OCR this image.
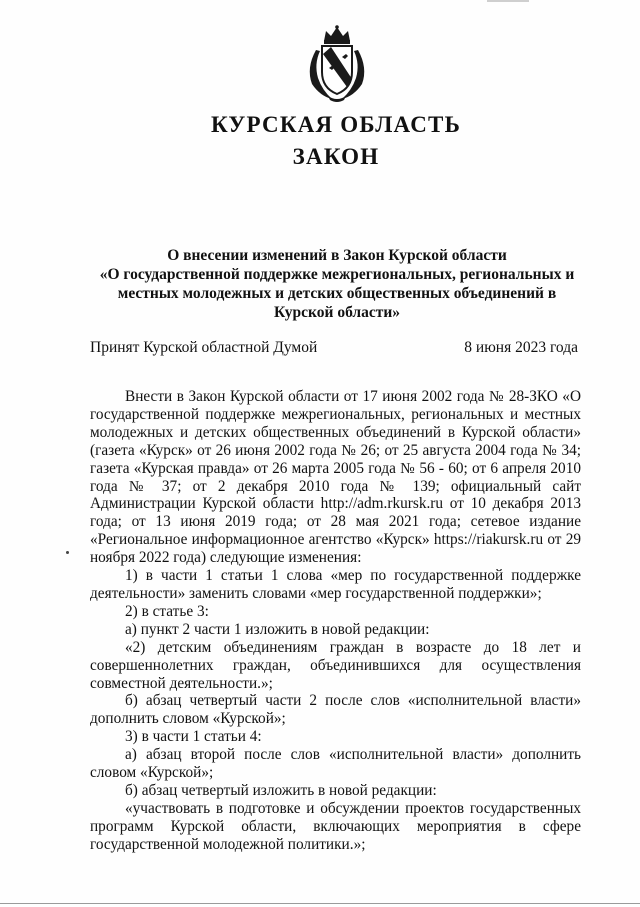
КУРСКАЯ ОБЛАСТЬ
ЗАКОН
О внесении изменений в Закон Курской области
«О государственной поддержке межрегиональных, региональных и
местных молодежных и детских общественных объединений в
Курской области»
Принят Курской областной Думой	8 июня 2023 года

Внести в Закон Курской области от 17 июня 2002 года № 28-ЗКО «О государственной поддержке межрегиональных, региональных и местных молодежных и детских общественных объединений в Курской области» (газета «Курск» от 26 июня 2002 года № 26; от 25 августа 2004 года № 34; газета «Курская правда» от 26 марта 2005 года № 56 - 60; от 6 апреля 2010 года № 37; от 2 декабря 2010 года № 139; официальный сайт Администрации Курской области http://adm.rkursk.ru от 10 декабря 2013 года; от 13 июня 2019 года; от 28 мая 2021 года; сетевое издание «Региональное информационное агентство «Курск» https://riakursk.ru от 29 ноября 2022 года) следующие изменения:

1) в части 1 статьи 1 слова «мер по государственной поддержке деятельности» заменить словами «мер государственной поддержки»;

2) в статье 3:

а) пункт 2 части 1 изложить в новой редакции:

«2) детским объединениям граждан в возрасте до 18 лет и совершеннолетних граждан, объединившихся для осуществления совместной деятельности.»;

б) абзац четвертый части 2 после слов «исполнительной власти» дополнить словом «Курской»;

3) в части 1 статьи 4:

а) абзац второй после слов «исполнительной власти» дополнить словом «Курской»;

б) абзац четвертый изложить в новой редакции:

«участвовать в подготовке и обсуждении проектов государственных программ Курской области, включающих мероприятия в сфере государственной молодежной политики.»;
